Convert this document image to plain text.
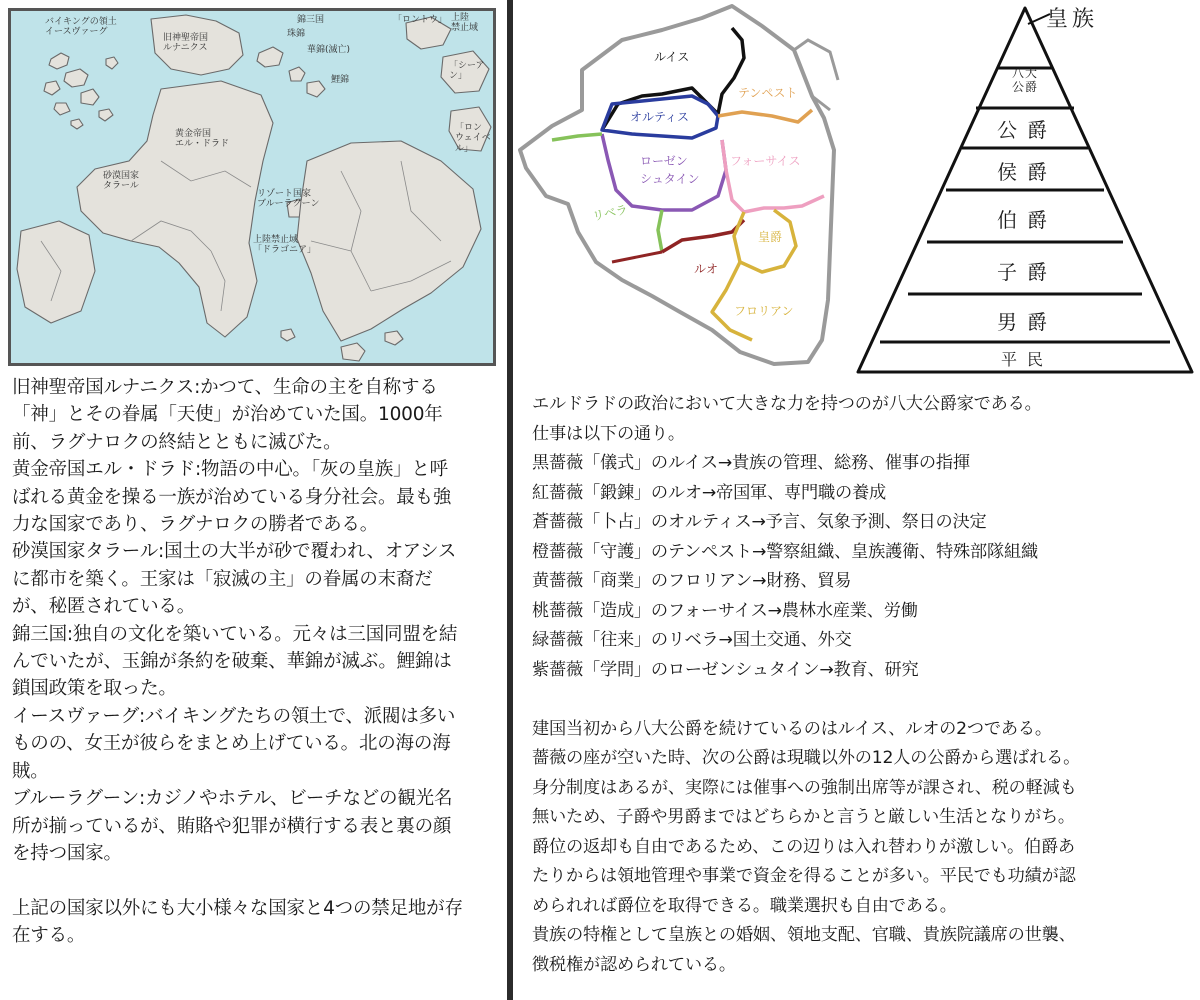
バイキングの領土
イースヴァーグ
旧神聖帝国
ルナニクス
錦三国
珠錦
華錦(滅亡)
鯉錦
「ロントウ」 上陸
禁止域
「シーアン」
「ロン
ウェイベル」
黄金帝国
エル・ドラド
砂漠国家
タラール
リゾート国家
ブルーラグーン
上陸禁止域
「ドラゴニア」

旧神聖帝国ルナニクス:かつて、生命の主を自称する

「神」とその眷属「天使」が治めていた国。1000年

前、ラグナロクの終結とともに滅びた。

黄金帝国エル・ドラド:物語の中心。「灰の皇族」と呼

ばれる黄金を操る一族が治めている身分社会。最も強

力な国家であり、ラグナロクの勝者である。

砂漠国家タラール:国土の大半が砂で覆われ、オアシス

に都市を築く。王家は「寂滅の主」の眷属の末裔だ

が、秘匿されている。

錦三国:独自の文化を築いている。元々は三国同盟を結

んでいたが、玉錦が条約を破棄、華錦が滅ぶ。鯉錦は

鎖国政策を取った。

イースヴァーグ:バイキングたちの領土で、派閥は多い

ものの、女王が彼らをまとめ上げている。北の海の海

賊。

ブルーラグーン:カジノやホテル、ビーチなどの観光名

所が揃っているが、賄賂や犯罪が横行する表と裏の顔

を持つ国家。

上記の国家以外にも大小様々な国家と4つの禁足地が存

在する。

ルイス
テンペスト
オルティス
ローゼン
シュタイン
フォーサイス
リベラ
皇爵
ルオ
フロリアン
皇族
八大
公爵
公爵
侯爵
伯爵
子爵
男爵
平民

エルドラドの政治において大きな力を持つのが八大公爵家である。

仕事は以下の通り。

黒薔薇「儀式」のルイス→貴族の管理、総務、催事の指揮

紅薔薇「鍛錬」のルオ→帝国軍、専門職の養成

蒼薔薇「卜占」のオルティス→予言、気象予測、祭日の決定

橙薔薇「守護」のテンペスト→警察組織、皇族護衛、特殊部隊組織

黄薔薇「商業」のフロリアン→財務、貿易

桃薔薇「造成」のフォーサイス→農林水産業、労働

緑薔薇「往来」のリベラ→国土交通、外交

紫薔薇「学問」のローゼンシュタイン→教育、研究

建国当初から八大公爵を続けているのはルイス、ルオの2つである。

薔薇の座が空いた時、次の公爵は現職以外の12人の公爵から選ばれる。

身分制度はあるが、実際には催事への強制出席等が課され、税の軽減も

無いため、子爵や男爵まではどちらかと言うと厳しい生活となりがち。

爵位の返却も自由であるため、この辺りは入れ替わりが激しい。伯爵あ

たりからは領地管理や事業で資金を得ることが多い。平民でも功績が認

められれば爵位を取得できる。職業選択も自由である。

貴族の特権として皇族との婚姻、領地支配、官職、貴族院議席の世襲、

徴税権が認められている。
